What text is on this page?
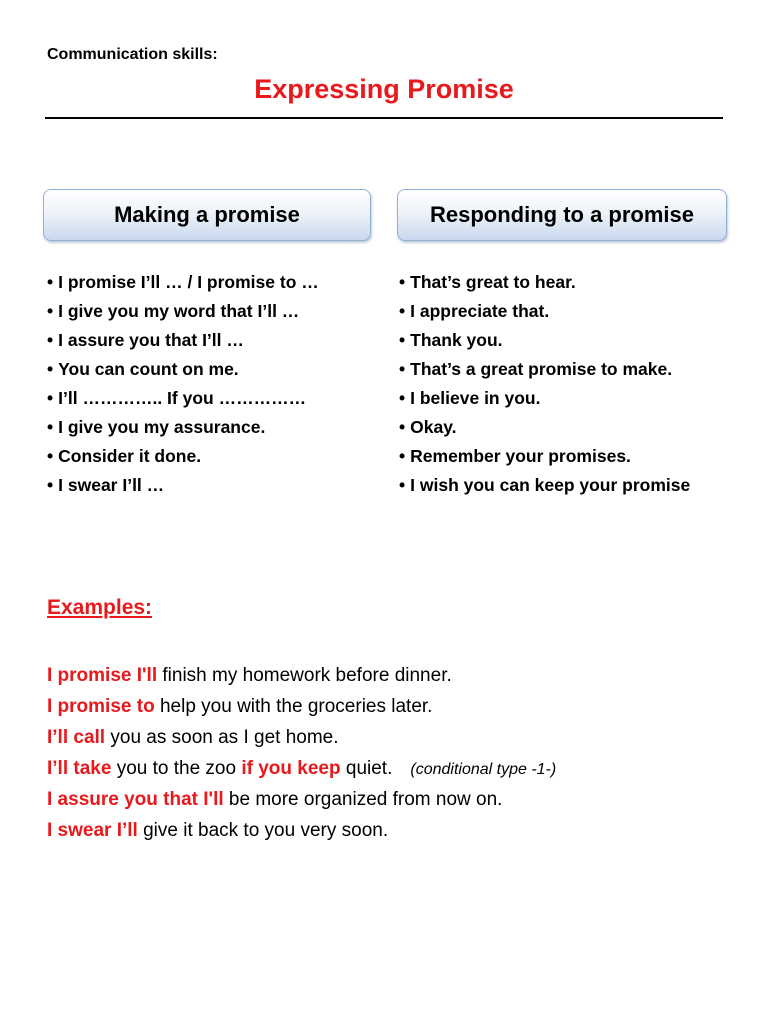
Communication skills:
Expressing Promise
Making a promise	Responding to a promise
• I promise I’ll … / I promise to …
• I give you my word that I’ll …
• I assure you that I’ll …
• You can count on me.
• I’ll ………….. If you ……………
• I give you my assurance.
• Consider it done.
• I swear I’ll …
• That’s great to hear.
• I appreciate that.
• Thank you.
• That’s a great promise to make.
• I believe in you.
• Okay.
• Remember your promises.
• I wish you can keep your promise
Examples:
I promise I'll finish my homework before dinner.
I promise to help you with the groceries later.
I’ll call you as soon as I get home.
I’ll take you to the zoo if you keep quiet. (conditional type -1-)
I assure you that I'll be more organized from now on.
I swear I’ll give it back to you very soon.
